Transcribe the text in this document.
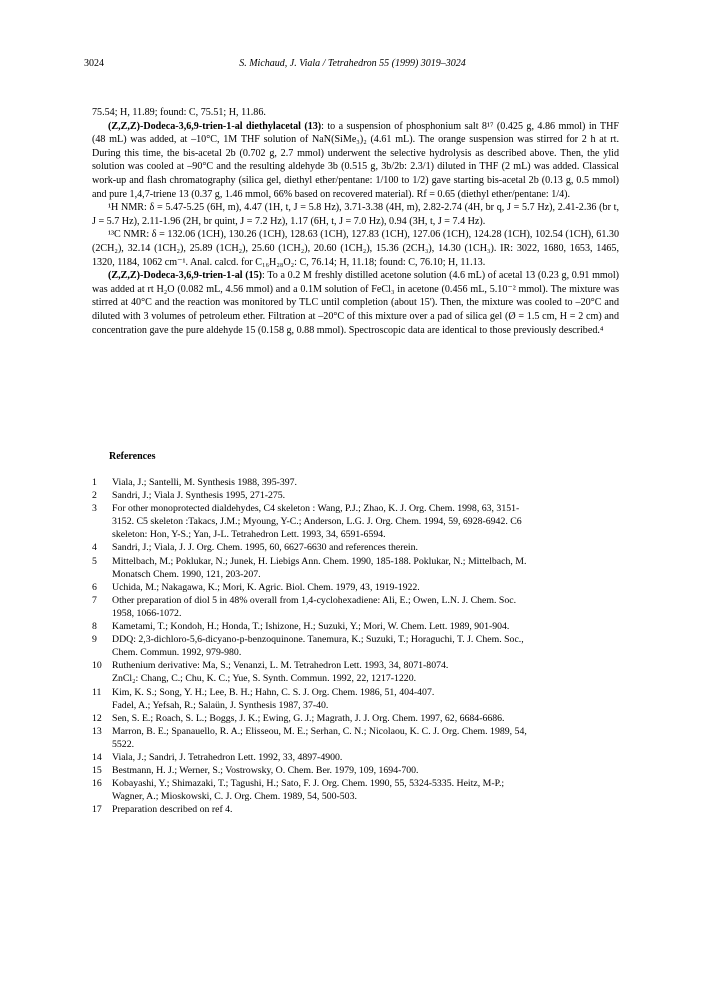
3024	S. Michaud, J. Viala / Tetrahedron 55 (1999) 3019–3024

75.54; H, 11.89; found: C, 75.51; H, 11.86.

(Z,Z,Z)-Dodeca-3,6,9-trien-1-al diethylacetal (13): to a suspension of phosphonium salt 8¹⁷ (0.425 g, 4.86 mmol) in THF (48 mL) was added, at –10°C, 1M THF solution of NaN(SiMe₃)₂ (4.61 mL). The orange suspension was stirred for 2 h at rt. During this time, the bis-acetal 2b (0.702 g, 2.7 mmol) underwent the selective hydrolysis as described above. Then, the ylid solution was cooled at –90°C and the resulting aldehyde 3b (0.515 g, 3b/2b: 2.3/1) diluted in THF (2 mL) was added. Classical work-up and flash chromatography (silica gel, diethyl ether/pentane: 1/100 to 1/2) gave starting bis-acetal 2b (0.13 g, 0.5 mmol) and pure 1,4,7-triene 13 (0.37 g, 1.46 mmol, 66% based on recovered material). Rf = 0.65 (diethyl ether/pentane: 1/4).

¹H NMR: δ = 5.47-5.25 (6H, m), 4.47 (1H, t, J = 5.8 Hz), 3.71-3.38 (4H, m), 2.82-2.74 (4H, br q, J = 5.7 Hz), 2.41-2.36 (br t, J = 5.7 Hz), 2.11-1.96 (2H, br quint, J = 7.2 Hz), 1.17 (6H, t, J = 7.0 Hz), 0.94 (3H, t, J = 7.4 Hz).

¹³C NMR: δ = 132.06 (1CH), 130.26 (1CH), 128.63 (1CH), 127.83 (1CH), 127.06 (1CH), 124.28 (1CH), 102.54 (1CH), 61.30 (2CH₂), 32.14 (1CH₂), 25.89 (1CH₂), 25.60 (1CH₂), 20.60 (1CH₂), 15.36 (2CH₃), 14.30 (1CH₃). IR: 3022, 1680, 1653, 1465, 1320, 1184, 1062 cm⁻¹. Anal. calcd. for C₁₆H₂₈O₂: C, 76.14; H, 11.18; found: C, 76.10; H, 11.13.

(Z,Z,Z)-Dodeca-3,6,9-trien-1-al (15): To a 0.2 M freshly distilled acetone solution (4.6 mL) of acetal 13 (0.23 g, 0.91 mmol) was added at rt H₂O (0.082 mL, 4.56 mmol) and a 0.1M solution of FeCl₃ in acetone (0.456 mL, 5.10⁻² mmol). The mixture was stirred at 40°C and the reaction was monitored by TLC until completion (about 15'). Then, the mixture was cooled to –20°C and diluted with 3 volumes of petroleum ether. Filtration at –20°C of this mixture over a pad of silica gel (Ø = 1.5 cm, H = 2 cm) and concentration gave the pure aldehyde 15 (0.158 g, 0.88 mmol). Spectroscopic data are identical to those previously described.⁴

References
1	Viala, J.; Santelli, M. Synthesis 1988, 395-397.
2	Sandri, J.; Viala J. Synthesis 1995, 271-275.
3	For other monoprotected dialdehydes, C4 skeleton : Wang, P.J.; Zhao, K. J. Org. Chem. 1998, 63, 3151-
3152. C5 skeleton :Takacs, J.M.; Myoung, Y-C.; Anderson, L.G. J. Org. Chem. 1994, 59, 6928-6942. C6
skeleton: Hon, Y-S.; Yan, J-L. Tetrahedron Lett. 1993, 34, 6591-6594.
4	Sandri, J.; Viala, J. J. Org. Chem. 1995, 60, 6627-6630 and references therein.
5	Mittelbach, M.; Poklukar, N.; Junek, H. Liebigs Ann. Chem. 1990, 185-188. Poklukar, N.; Mittelbach, M.
Monatsch Chem. 1990, 121, 203-207.
6	Uchida, M.; Nakagawa, K.; Mori, K. Agric. Biol. Chem. 1979, 43, 1919-1922.
7	Other preparation of diol 5 in 48% overall from 1,4-cyclohexadiene: Ali, E.; Owen, L.N. J. Chem. Soc.
1958, 1066-1072.
8	Kametami, T.; Kondoh, H.; Honda, T.; Ishizone, H.; Suzuki, Y.; Mori, W. Chem. Lett. 1989, 901-904.
9	DDQ: 2,3-dichloro-5,6-dicyano-p-benzoquinone. Tanemura, K.; Suzuki, T.; Horaguchi, T. J. Chem. Soc.,
Chem. Commun. 1992, 979-980.
10	Ruthenium derivative: Ma, S.; Venanzi, L. M. Tetrahedron Lett. 1993, 34, 8071-8074.
ZnCl₂: Chang, C.; Chu, K. C.; Yue, S. Synth. Commun. 1992, 22, 1217-1220.
11	Kim, K. S.; Song, Y. H.; Lee, B. H.; Hahn, C. S. J. Org. Chem. 1986, 51, 404-407.
Fadel, A.; Yefsah, R.; Salaün, J. Synthesis 1987, 37-40.
12	Sen, S. E.; Roach, S. L.; Boggs, J. K.; Ewing, G. J.; Magrath, J. J. Org. Chem. 1997, 62, 6684-6686.
13	Marron, B. E.; Spanauello, R. A.; Elisseou, M. E.; Serhan, C. N.; Nicolaou, K. C. J. Org. Chem. 1989, 54,
5522.
14	Viala, J.; Sandri, J. Tetrahedron Lett. 1992, 33, 4897-4900.
15	Bestmann, H. J.; Werner, S.; Vostrowsky, O. Chem. Ber. 1979, 109, 1694-700.
16	Kobayashi, Y.; Shimazaki, T.; Tagushi, H.; Sato, F. J. Org. Chem. 1990, 55, 5324-5335. Heitz, M-P.;
Wagner, A.; Mioskowski, C. J. Org. Chem. 1989, 54, 500-503.
17	Preparation described on ref 4.
